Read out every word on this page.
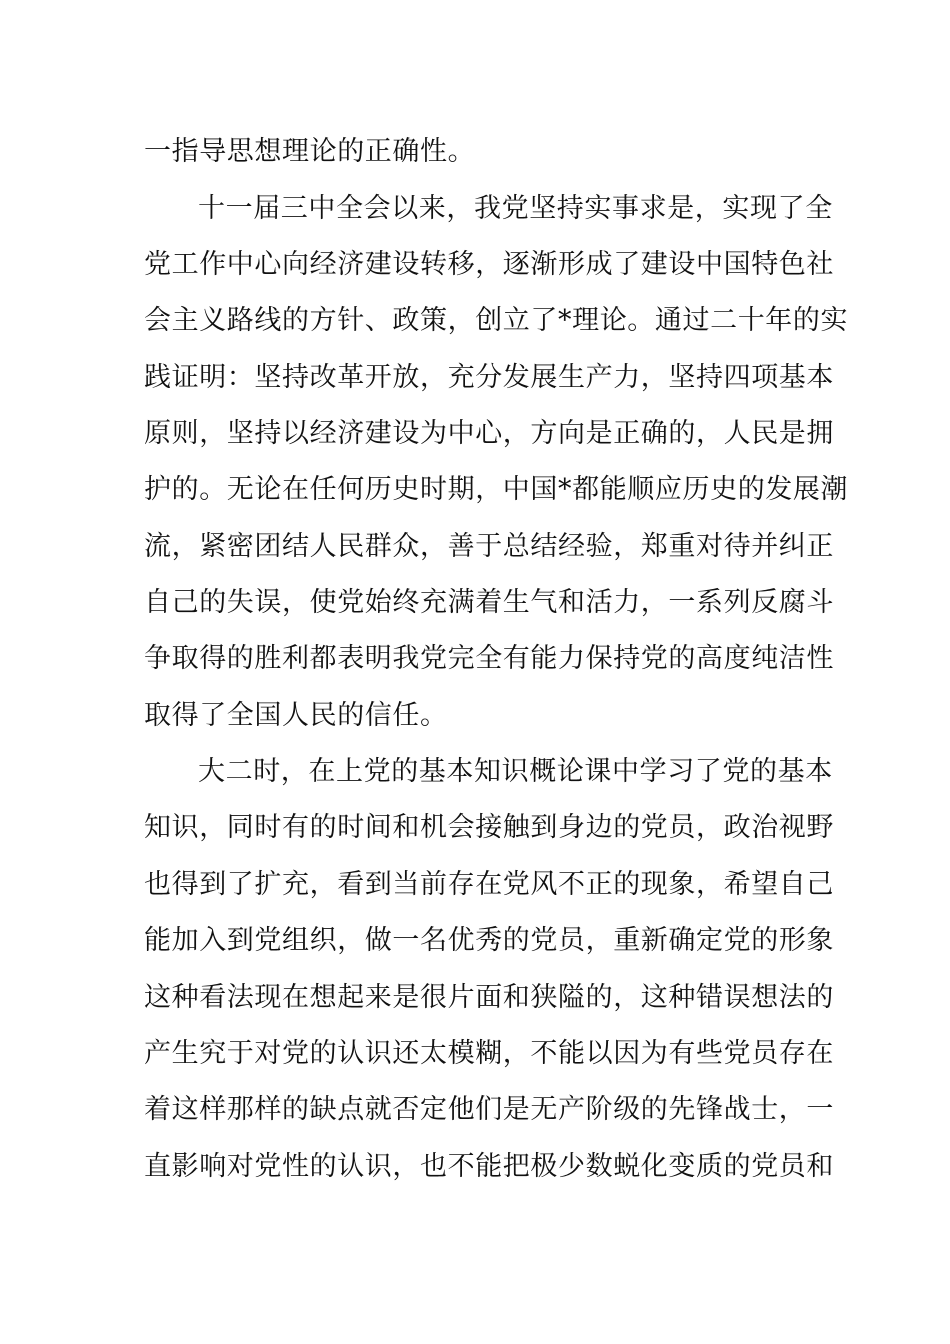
一指导思想理论的正确性。
十一届三中全会以来，我党坚持实事求是，实现了全
党工作中心向经济建设转移，逐渐形成了建设中国特色社
会主义路线的方针、政策，创立了*理论。通过二十年的实
践证明：坚持改革开放，充分发展生产力，坚持四项基本
原则，坚持以经济建设为中心，方向是正确的，人民是拥
护的。无论在任何历史时期，中国*都能顺应历史的发展潮
流，紧密团结人民群众，善于总结经验，郑重对待并纠正
自己的失误，使党始终充满着生气和活力，一系列反腐斗
争取得的胜利都表明我党完全有能力保持党的高度纯洁性
取得了全国人民的信任。
大二时，在上党的基本知识概论课中学习了党的基本
知识，同时有的时间和机会接触到身边的党员，政治视野
也得到了扩充，看到当前存在党风不正的现象，希望自己
能加入到党组织，做一名优秀的党员，重新确定党的形象
这种看法现在想起来是很片面和狭隘的，这种错误想法的
产生究于对党的认识还太模糊，不能以因为有些党员存在
着这样那样的缺点就否定他们是无产阶级的先锋战士，一
直影响对党性的认识，也不能把极少数蜕化变质的党员和
